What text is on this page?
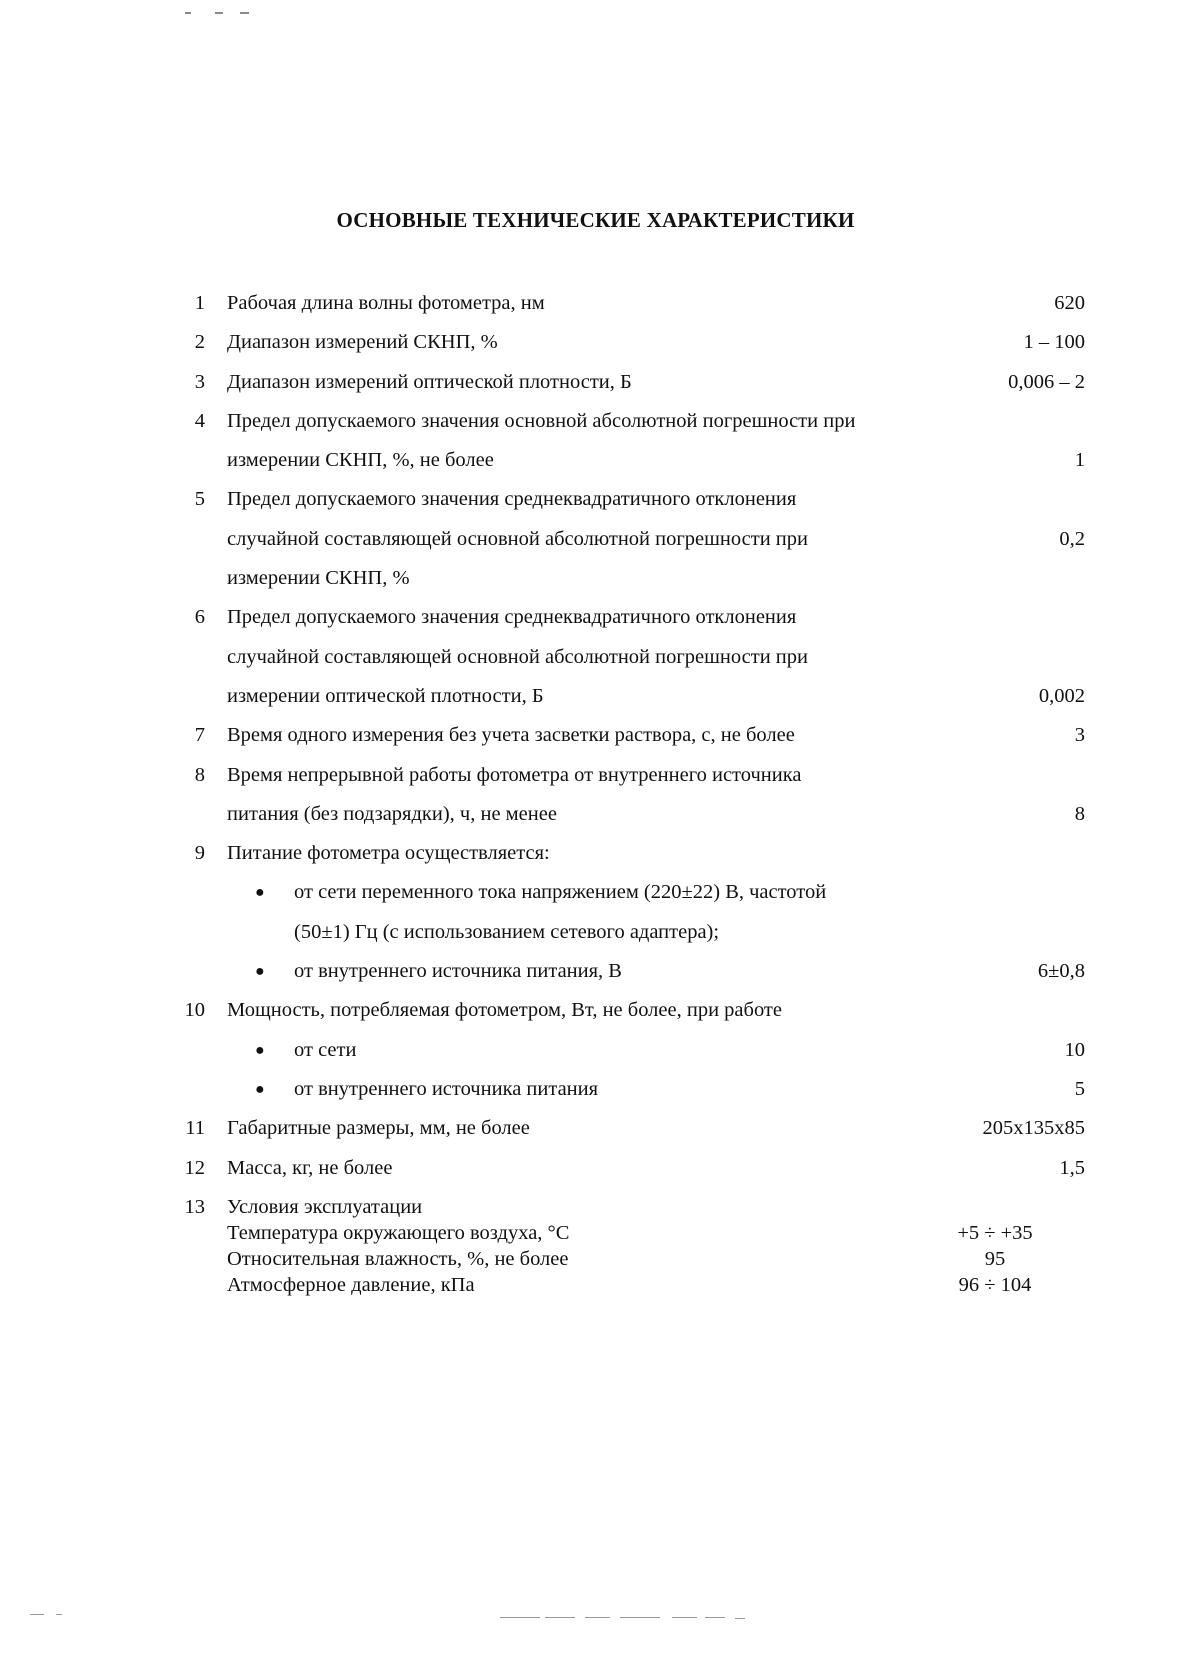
ОСНОВНЫЕ ТЕХНИЧЕСКИЕ ХАРАКТЕРИСТИКИ
1 Рабочая длина волны фотометра, нм	620
2 Диапазон измерений СКНП, %	1 – 100
3 Диапазон измерений оптической плотности, Б	0,006 – 2
4 Предел допускаемого значения основной абсолютной погрешности при
измерении СКНП, %, не более	1
5 Предел допускаемого значения среднеквадратичного отклонения
случайной составляющей основной абсолютной погрешности при	0,2
измерении СКНП, %
6 Предел допускаемого значения среднеквадратичного отклонения
случайной составляющей основной абсолютной погрешности при
измерении оптической плотности, Б	0,002
7 Время одного измерения без учета засветки раствора, с, не более	3
8 Время непрерывной работы фотометра от внутреннего источника
питания (без подзарядки), ч, не менее	8
9 Питание фотометра осуществляется:
● от сети переменного тока напряжением (220±22) В, частотой
(50±1) Гц (с использованием сетевого адаптера);
● от внутреннего источника питания, В	6±0,8
10 Мощность, потребляемая фотометром, Вт, не более, при работе
● от сети	10
● от внутреннего источника питания	5
11 Габаритные размеры, мм, не более	205x135x85
12 Масса, кг, не более	1,5
13 Условия эксплуатации
Температура окружающего воздуха, °С	+5 ÷ +35
Относительная влажность, %, не более	95
Атмосферное давление, кПа	96 ÷ 104
